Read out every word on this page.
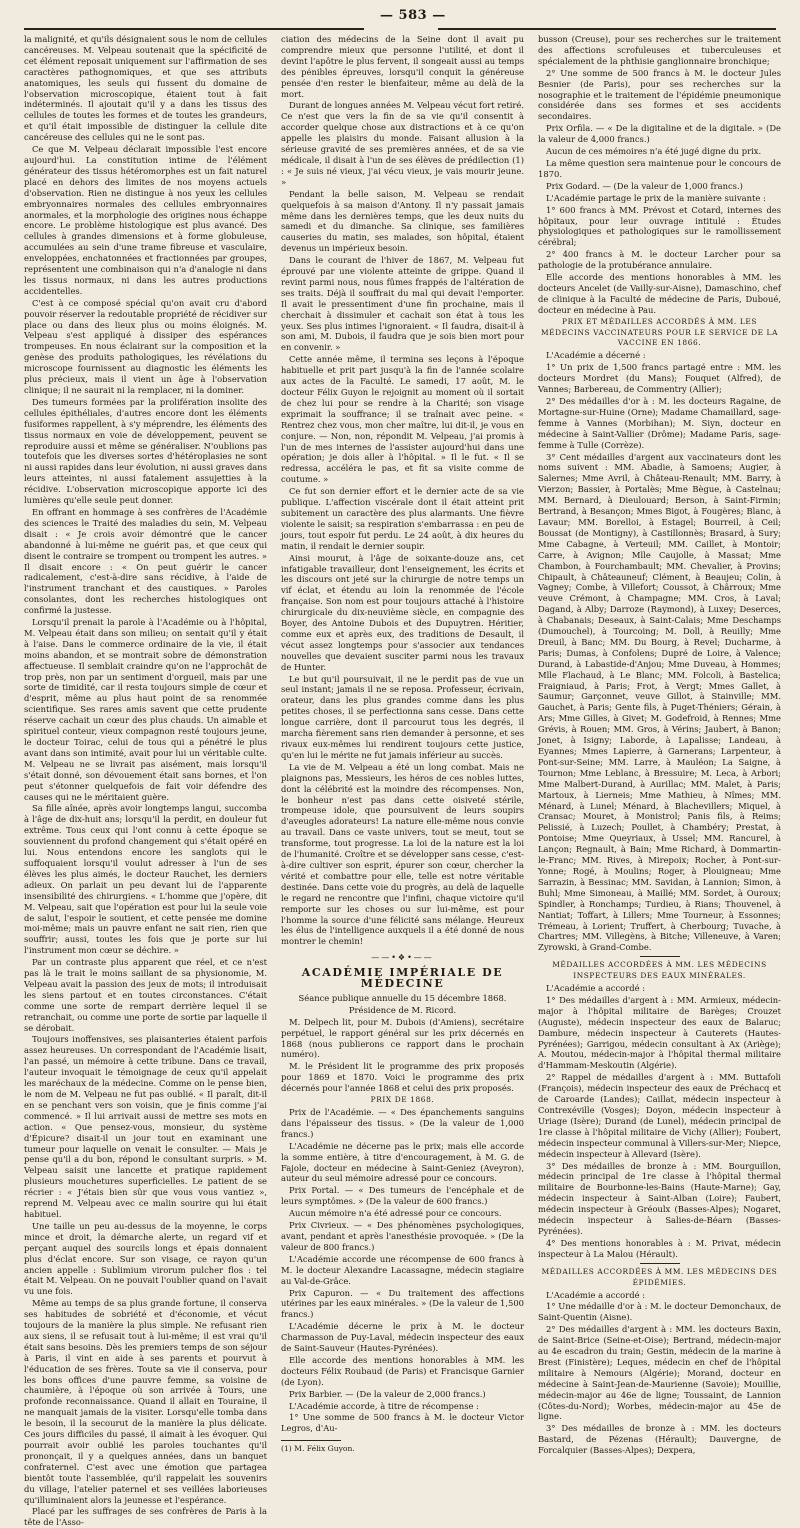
— 583 —

la malignité, et qu'ils désignaient sous le nom de cellules cancéreuses. M. Velpeau soutenait que la spécificité de cet élément reposait uniquement sur l'affirmation de ses caractères pathognomiques, et que ses attributs anatomiques, les seuls qui fussent du domaine de l'observation microscopique, étaient tout à fait indéterminés. Il ajoutait qu'il y a dans les tissus des cellules de toutes les formes et de toutes les grandeurs, et qu'il était impossible de distinguer la cellule dite cancéreuse des cellules qui ne le sont pas.

Ce que M. Velpeau déclarait impossible l'est encore aujourd'hui. La constitution intime de l'élément générateur des tissus hétéromorphes est un fait naturel placé en dehors des limites de nos moyens actuels d'observation. Rien ne distingue à nos yeux les cellules embryonnaires normales des cellules embryonnaires anormales, et la morphologie des origines nous échappe encore. Le problème histologique est plus avancé. Des cellules à grandes dimensions et à forme globuleuse, accumulées au sein d'une trame fibreuse et vasculaire, enveloppées, enchatonnées et fractionnées par groupes, représentent une combinaison qui n'a d'analogie ni dans les tissus normaux, ni dans les autres productions accidentelles.

C'est à ce composé spécial qu'on avait cru d'abord pouvoir réserver la redoutable propriété de récidiver sur place ou dans des lieux plus ou moins éloignés. M. Velpeau s'est appliqué à dissiper des espérances trompeuses. En nous éclairant sur la composition et la genèse des produits pathologiques, les révélations du microscope fournissent au diagnostic les éléments les plus précieux, mais il vient un âge à l'observation clinique; il ne saurait ni la remplacer, ni la dominer.

Des tumeurs formées par la prolifération insolite des cellules épithéliales, d'autres encore dont les éléments fusiformes rappellent, à s'y méprendre, les éléments des tissus normaux en voie de développement, peuvent se reproduire aussi et même se généraliser. N'oublions pas toutefois que les diverses sortes d'hétéroplasies ne sont ni aussi rapides dans leur évolution, ni aussi graves dans leurs atteintes, ni aussi fatalement assujetties à la récidive. L'observation microscopique apporte ici des lumières qu'elle seule peut donner.

En offrant en hommage à ses confrères de l'Académie des sciences le Traité des maladies du sein, M. Velpeau disait : « Je crois avoir démontré que le cancer abandonné à lui-même ne guérit pas, et que ceux qui disent le contraire se trompent ou trompent les autres. » Il disait encore : « On peut guérir le cancer radicalement, c'est-à-dire sans récidive, à l'aide de l'instrument tranchant et des caustiques. » Paroles consolantes, dont les recherches histologiques ont confirmé la justesse.

Lorsqu'il prenait la parole à l'Académie ou à l'hôpital, M. Velpeau était dans son milieu; on sentait qu'il y était à l'aise. Dans le commerce ordinaire de la vie, il était moins abandon, et se montrait sobre de démonstration affectueuse. Il semblait craindre qu'on ne l'approchât de trop près, non par un sentiment d'orgueil, mais par une sorte de timidité, car il resta toujours simple de cœur et d'esprit, même au plus haut point de sa renommée scientifique. Ses rares amis savent que cette prudente réserve cachait un cœur des plus chauds. Un aimable et spirituel conteur, vieux compagnon resté toujours jeune, le docteur Toirac, celui de tous qui a pénétré le plus avant dans son intimité, avait pour lui un véritable culte. M. Velpeau ne se livrait pas aisément, mais lorsqu'il s'était donné, son dévouement était sans bornes, et l'on peut s'étonner quelquefois de fait voir défendre des causes qui ne le méritaient guère.

Sa fille aînée, après avoir longtemps langui, succomba à l'âge de dix-huit ans; lorsqu'il la perdit, en douleur fut extrême. Tous ceux qui l'ont connu à cette époque se souviennent du profond changement qui s'était opéré en lui. Nous entendons encore les sanglots qui le suffoquaient lorsqu'il voulut adresser à l'un de ses élèves les plus aimés, le docteur Rauchet, les derniers adieux. On parlait un peu devant lui de l'apparente insensibilité des chirurgiens. « L'homme que j'opère, dit M. Velpeau, sait que l'opération est pour lui la seule voie de salut, l'espoir le soutient, et cette pensée me domine moi-même; mais un pauvre enfant ne sait rien, rien que souffrir; aussi, toutes les fois que je porte sur lui l'instrument mon cœur se déchire. »

Par un contraste plus apparent que réel, et ce n'est pas là le trait le moins saillant de sa physionomie, M. Velpeau avait la passion des jeux de mots; il introduisait les siens partout et en toutes circonstances. C'était comme une sorte de rempart derrière lequel il se retranchait, ou comme une porte de sortie par laquelle il se dérobait.

Toujours inoffensives, ses plaisanteries étaient parfois assez heureuses. Un correspondant de l'Académie lisait, l'an passé, un mémoire à cette tribune. Dans ce travail, l'auteur invoquait le témoignage de ceux qu'il appelait les maréchaux de la médecine. Comme on le pense bien, le nom de M. Velpeau ne fut pas oublié. « Il paraît, dit-il en se penchant vers son voisin, que je finis comme j'ai commencé. » Il lui arrivait aussi de mettre ses mots en action. « Que pensez-vous, monsieur, du système d'Épicure? disait-il un jour tout en examinant une tumeur pour laquelle on venait le consulter. — Mais je pense qu'il a du bon, répond le consultant surpris. » M. Velpeau saisit une lancette et pratique rapidement plusieurs mouchetures superficielles. Le patient de se récrier : « J'étais bien sûr que vous vous vantiez », reprend M. Velpeau avec ce malin sourire qui lui était habituel.

Une taille un peu au-dessus de la moyenne, le corps mince et droit, la démarche alerte, un regard vif et perçant auquel des sourcils longs et épais donnaient plus d'éclat encore. Sur son visage, ce rayon qu'un ancien appelle : Sublimium virorum pulcher flos : tel était M. Velpeau. On ne pouvait l'oublier quand on l'avait vu une fois.

Même au temps de sa plus grande fortune, il conserva ses habitudes de sobriété et d'économie, et vécut toujours de la manière la plus simple. Ne refusant rien aux siens, il se refusait tout à lui-même; il est vrai qu'il était sans besoins. Dès les premiers temps de son séjour à Paris, il vint en aide à ses parents et pourvut à l'éducation de ses frères. Toute sa vie il conserva, pour les bons offices d'une pauvre femme, sa voisine de chaumière, à l'époque où son arrivée à Tours, une profonde reconnaissance. Quand il allait en Touraine, il ne manquait jamais de la visiter. Lorsqu'elle tomba dans le besoin, il la secourut de la manière la plus délicate. Ces jours difficiles du passé, il aimait à les évoquer. Qui pourrait avoir oublié les paroles touchantes qu'il prononçait, il y a quelques années, dans un banquet confraternel. C'est avec une émotion que partagea bientôt toute l'assemblée, qu'il rappelait les souvenirs du village, l'atelier paternel et ses veillées laborieuses qu'illuminaient alors la jeunesse et l'espérance.

Placé par les suffrages de ses confrères de Paris à la tête de l'Asso-

ciation des médecins de la Seine dont il avait pu comprendre mieux que personne l'utilité, et dont il devint l'apôtre le plus fervent, il songeait aussi au temps des pénibles épreuves, lorsqu'il conquit la généreuse pensée d'en rester le bienfaiteur, même au delà de la mort.

Durant de longues années M. Velpeau vécut fort retiré. Ce n'est que vers la fin de sa vie qu'il consentit à accorder quelque chose aux distractions et à ce qu'on appelle les plaisirs du monde. Faisant allusion à la sérieuse gravité de ses premières années, et de sa vie médicale, il disait à l'un de ses élèves de prédilection (1) : « Je suis né vieux, j'ai vécu vieux, je vais mourir jeune. »

Pendant la belle saison, M. Velpeau se rendait quelquefois à sa maison d'Antony. Il n'y passait jamais même dans les dernières temps, que les deux nuits du samedi et du dimanche. Sa clinique, ses familières causeries du matin, ses malades, son hôpital, étaient devenus un impérieux besoin.

Dans le courant de l'hiver de 1867, M. Velpeau fut éprouvé par une violente atteinte de grippe. Quand il revint parmi nous, nous fûmes frappés de l'altération de ses traits. Déjà il souffrait du mal qui devait l'emporter. Il avait le pressentiment d'une fin prochaine, mais il cherchait à dissimuler et cachait son état à tous les yeux. Ses plus intimes l'ignoraient. « Il faudra, disait-il à son ami, M. Dubois, il faudra que je sois bien mort pour en convenir. »

Cette année même, il termina ses leçons à l'époque habituelle et prit part jusqu'à la fin de l'année scolaire aux actes de la Faculté. Le samedi, 17 août, M. le docteur Félix Guyon le rejoignit au moment où il sortait de chez lui pour se rendre à la Charité; son visage exprimait la souffrance; il se traînait avec peine. « Rentrez chez vous, mon cher maître, lui dit-il, je vous en conjure. — Non, non, répondit M. Velpeau, j'ai promis à l'un de mes internes de l'assister aujourd'hui dans une opération; je dois aller à l'hôpital. » Il le fut. « Il se redressa, accéléra le pas, et fit sa visite comme de coutume. »

Ce fut son dernier effort et le dernier acte de sa vie publique. L'affection viscérale dont il était atteint prit subitement un caractère des plus alarmants. Une fièvre violente le saisit; sa respiration s'embarrassa : en peu de jours, tout espoir fut perdu. Le 24 août, à dix heures du matin, il rendait le dernier soupir.

Ainsi mourut, à l'âge de soixante-douze ans, cet infatigable travailleur, dont l'enseignement, les écrits et les discours ont jeté sur la chirurgie de notre temps un vif éclat, et étendu au loin la renommée de l'école française. Son nom est pour toujours attaché à l'histoire chirurgicale du dix-neuvième siècle, en compagnie des Boyer, des Antoine Dubois et des Dupuytren. Héritier, comme eux et après eux, des traditions de Desault, il vécut assez longtemps pour s'associer aux tendances nouvelles que devaient susciter parmi nous les travaux de Hunter.

Le but qu'il poursuivait, il ne le perdit pas de vue un seul instant; jamais il ne se reposa. Professeur, écrivain, orateur, dans les plus grandes comme dans les plus petites choses, il se perfectionna sans cesse. Dans cette longue carrière, dont il parcourut tous les degrés, il marcha fièrement sans rien demander à personne, et ses rivaux eux-mêmes lui rendirent toujours cette justice, qu'en lui le mérite ne fut jamais inférieur au succès.

La vie de M. Velpeau a été un long combat. Mais ne plaignons pas, Messieurs, les héros de ces nobles luttes, dont la célébrité est la moindre des récompenses. Non, le bonheur n'est pas dans cette oisiveté stérile, trompeuse idole, que poursuivent de leurs soupirs d'aveugles adorateurs! La nature elle-même nous convie au travail. Dans ce vaste univers, tout se meut, tout se transforme, tout progresse. La loi de la nature est la loi de l'humanité. Croître et se développer sans cesse, c'est-à-dire cultiver son esprit, épurer son cœur, chercher la vérité et combattre pour elle, telle est notre véritable destinée. Dans cette voie du progrès, au delà de laquelle le regard ne rencontre que l'infini, chaque victoire qu'il remporte sur les choses ou sur lui-même, est pour l'homme la source d'une félicité sans mélange. Heureux les élus de l'intelligence auxquels il a été donné de nous montrer le chemin!

——•❖•——
ACADÉMIE IMPÉRIALE DE MÉDECINE

Séance publique annuelle du 15 décembre 1868.

Présidence de M. Ricord.

M. Delpech lit, pour M. Dubois (d'Amiens), secrétaire perpétuel, le rapport général sur les prix décernés en 1868 (nous publierons ce rapport dans le prochain numéro).

M. le Président lit le programme des prix proposés pour 1869 et 1870. Voici le programme des prix décernés pour l'année 1868 et celui des prix proposés.

PRIX DE 1868.

Prix de l'Académie. — « Des épanchements sanguins dans l'épaisseur des tissus. » (De la valeur de 1,000 francs.)

L'Académie ne décerne pas le prix; mais elle accorde la somme entière, à titre d'encouragement, à M. G. de Fajole, docteur en médecine à Saint-Geniez (Aveyron), auteur du seul mémoire adressé pour ce concours.

Prix Portal. — « Des tumeurs de l'encéphale et de leurs symptômes. » (De la valeur de 600 francs.)

Aucun mémoire n'a été adressé pour ce concours.

Prix Civrieux. — « Des phénomènes psychologiques, avant, pendant et après l'anesthésie provoquée. » (De la valeur de 800 francs.)

L'Académie accorde une récompense de 600 francs à M. le docteur Alexandre Lacassagne, médecin stagiaire au Val-de-Grâce.

Prix Capuron. — « Du traitement des affections utérines par les eaux minérales. » (De la valeur de 1,500 francs.)

L'Académie décerne le prix à M. le docteur Charmasson de Puy-Laval, médecin inspecteur des eaux de Saint-Sauveur (Hautes-Pyrénées).

Elle accorde des mentions honorables à MM. les docteurs Félix Roubaud (de Paris) et Francisque Garnier (de Lyon).

Prix Barbier. — (De la valeur de 2,000 francs.)

L'Académie accorde, à titre de récompense :

1° Une somme de 500 francs à M. le docteur Victor Legros, d'Au-

(1) M. Félix Guyon.

busson (Creuse), pour ses recherches sur le traitement des affections scrofuleuses et tuberculeuses et spécialement de la phthisie ganglionnaire bronchique;

2° Une somme de 500 francs à M. le docteur Jules Besnier (de Paris), pour ses recherches sur la nosographie et le traitement de l'épidémie pneumonique considérée dans ses formes et ses accidents secondaires.

Prix Orfila. — « De la digitaline et de la digitale. » (De la valeur de 4,000 francs.)

Aucun de ces mémoires n'a été jugé digne du prix.

La même question sera maintenue pour le concours de 1870.

Prix Godard. — (De la valeur de 1,000 francs.)

L'Académie partage le prix de la manière suivante :

1° 600 francs à MM. Prévost et Cotard, internes des hôpitaux, pour leur ouvrage intitulé : Études physiologiques et pathologiques sur le ramollissement cérébral;

2° 400 francs à M. le docteur Larcher pour sa pathologie de la protubérance annulaire.

Elle accorde des mentions honorables à MM. les docteurs Ancelet (de Vailly-sur-Aisne), Damaschino, chef de clinique à la Faculté de médecine de Paris, Duboué, docteur en médecine à Pau.

PRIX ET MÉDAILLES ACCORDÉS À MM. LES MÉDECINS VACCINATEURS POUR LE SERVICE DE LA VACCINE EN 1866.

L'Académie a décerné :

1° Un prix de 1,500 francs partagé entre : MM. les docteurs Mordret (du Mans); Fouquet (Alfred), de Vannes; Barbereau, de Commentry (Allier);

2° Des médailles d'or à : M. les docteurs Ragaine, de Mortagne-sur-Huine (Orne); Madame Chamaillard, sage-femme à Vannes (Morbihan); M. Siyn, docteur en médecine à Saint-Vallier (Drôme); Madame Paris, sage-femme à Tulle (Corrèze).

3° Cent médailles d'argent aux vaccinateurs dont les noms suivent : MM. Abadie, à Samoens; Augier, à Salernes; Mme Avril, à Château-Renault; MM. Barry, à Vierzon; Bassier, à Portalès; Mme Bègue, à Castelnau; MM. Bernard, à Dieulouard; Berson, à Saint-Firmin; Bertrand, à Besançon; Mmes Bigot, à Fougères; Blanc, à Lavaur; MM. Borelloi, à Estagel; Bourreil, à Ceil; Boussat (de Montigny), à Castillonnès; Brasard, à Sury; Mme Cabagne, à Verteuil; MM. Caillet, à Montoir; Carre, à Avignon; Mlle Caujolle, à Massat; Mme Chambon, à Fourchambault; MM. Chevalier, à Provins; Chipault, à Châteauneuf; Clément, à Beaujeu; Colin, à Vagney; Combe, à Villefort; Coussot, à Chârroux; Mme veuve Crémont, à Champagne; MM. Cros, à Laval; Dagand, à Alby; Darroze (Raymond), à Luxey; Deserces, à Chabanais; Deseaux, à Saint-Calais; Mme Deschamps (Dumouchel), à Tourcoing; M. Doll, à Reuilly; Mme Dreuil, à Banc; MM. Du Bourg, à Revel; Ducharme, à Paris; Dumas, à Confolens; Dupré de Loire, à Valence; Durand, à Labastide-d'Anjou; Mme Duveau, à Hommes; Mlle Flachaud, à Le Blanc; MM. Folcoli, à Bastelica; Fraigniaud, à Paris; Frot, à Vergt; Mmes Gallet, à Saumur; Garçonnet, veuve Gillot, à Stainville; MM. Gauchet, à Paris; Gente fils, à Puget-Théniers; Gérain, à Ars; Mme Gilles, à Givet; M. Godefroid, à Rennes; Mme Grévis, à Rouen; MM. Gros, à Vérins; Jaubert, à Banon; Jonet, à Isigny; Laborde, à Lapalisse; Landeau, à Eyannes; Mmes Lapierre, à Garnerans; Larpenteur, à Pont-sur-Seine; MM. Larre, à Mauléon; La Saigne, à Tournon; Mme Leblanc, à Bressuire; M. Leca, à Arbori; Mme Malbert-Durand, à Aurillac; MM. Malet, à Paris; Martoux, à Lierneis; Mme Mathieu, à Nîmes; MM. Ménard, à Lunel; Ménard, à Blachevillers; Miquel, à Cransac; Mouret, à Monistrol; Panis fils, à Reims; Pelissié, à Luzech; Poullet, à Chambéry; Prestat, à Pontoise; Mme Queyriaux, à Ussel; MM. Rancurel, à Lançon; Regnault, à Bain; Mme Richard, à Dommartin-le-Franc; MM. Rives, à Mirepoix; Rocher, à Pont-sur-Yonne; Rogé, à Moulins; Roger, à Plouigneau; Mme Sarrazin, à Bessinac; MM. Savidan, à Lannion; Simon, à Buhl; Mme Simoneau, à Maillé; MM. Sordet, à Ouroux; Spindler, à Ronchamps; Turdieu, à Rians; Thouvenel, à Nantiat; Toffart, à Lillers; Mme Tourneur, à Essonnes; Trémeau, à Lorient; Truffert, à Cherbourg; Tuvache, à Chartres; MM. Villegèns, à Bitche; Villeneuve, à Varen; Zyrowski, à Grand-Combe.

MÉDAILLES ACCORDÉES À MM. LES MÉDECINS INSPECTEURS DES EAUX MINÉRALES.

L'Académie a accordé :

1° Des médailles d'argent à : MM. Armieux, médecin-major à l'hôpital militaire de Barèges; Crouzet (Auguste), médecin inspecteur des eaux de Balaruc; Dambure, médecin inspecteur à Cauterets (Hautes-Pyrénées); Garrigou, médecin consultant à Ax (Ariège); A. Moutou, médecin-major à l'hôpital thermal militaire d'Hammam-Meskoutin (Algérie).

2° Rappel de médailles d'argent à : MM. Buttafoli (François), médecin inspecteur des eaux de Préchacq et de Caroarde (Landes); Caillat, médecin inspecteur à Contrexéville (Vosges); Doyon, médecin inspecteur à Uriage (Isère); Durand (de Lunel), médecin principal de 1re classe à l'hôpital militaire de Vichy (Allier); Foubert, médecin inspecteur communal à Villers-sur-Mer; Niepce, médecin inspecteur à Allevard (Isère).

3° Des médailles de bronze à : MM. Bourguillon, médecin principal de 1re classe à l'hôpital thermal militaire de Bourbonne-les-Bains (Haute-Marne); Gay, médecin inspecteur à Saint-Alban (Loire); Faubert, médecin inspecteur à Gréoulx (Basses-Alpes); Nogaret, médecin inspecteur à Salies-de-Béarn (Basses-Pyrénées).

4° Des mentions honorables à : M. Privat, médecin inspecteur à La Malou (Hérault).

MÉDAILLES ACCORDÉES À MM. LES MÉDECINS DES ÉPIDÉMIES.

L'Académie a accordé :

1° Une médaille d'or à : M. le docteur Demonchaux, de Saint-Quentin (Aisne).

2° Des médailles d'argent à : MM. les docteurs Baxin, de Saint-Brice (Seine-et-Oise); Bertrand, médecin-major au 4e escadron du train; Gestin, médecin de la marine à Brest (Finistère); Leques, médecin en chef de l'hôpital militaire à Nemours (Algérie); Morand, docteur en médecine à Saint-Jean-de-Maurienne (Savoie); Mouillie, médecin-major au 46e de ligne; Toussaint, de Lannion (Côtes-du-Nord); Worbes, médecin-major au 45e de ligne.

3° Des médailles de bronze à : MM. les docteurs Bastard, de Pézenas (Hérault); Dauvergne, de Forcalquier (Basses-Alpes); Dexpera,
